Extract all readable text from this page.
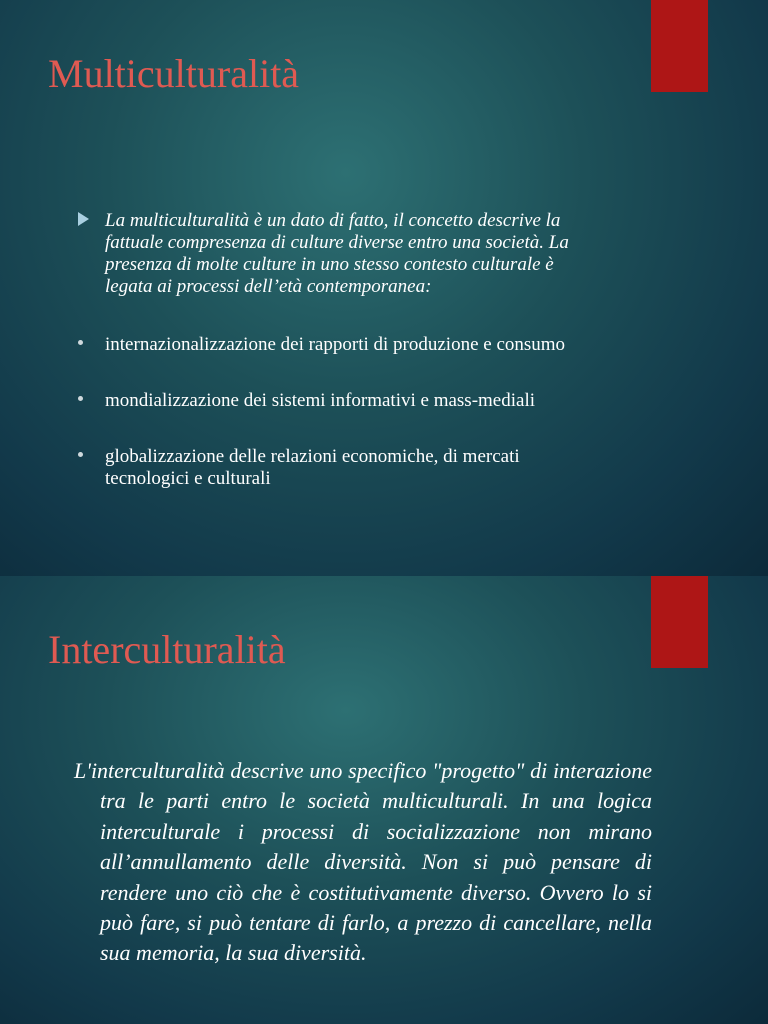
Multiculturalità
La multiculturalità è un dato di fatto, il concetto descrive la fattuale compresenza di culture diverse entro una società. La presenza di molte culture in uno stesso contesto culturale è legata ai processi dell’età contemporanea:
internazionalizzazione dei rapporti di produzione e consumo
mondializzazione dei sistemi informativi e mass-mediali
globalizzazione delle relazioni economiche, di mercati tecnologici e culturali
Interculturalità
L'interculturalità descrive uno specifico "progetto" di interazione tra le parti entro le società multiculturali. In una logica interculturale i processi di socializzazione non mirano all’annullamento delle diversità. Non si può pensare di rendere uno ciò che è costitutivamente diverso. Ovvero lo si può fare, si può tentare di farlo, a prezzo di cancellare, nella sua memoria, la sua diversità.
